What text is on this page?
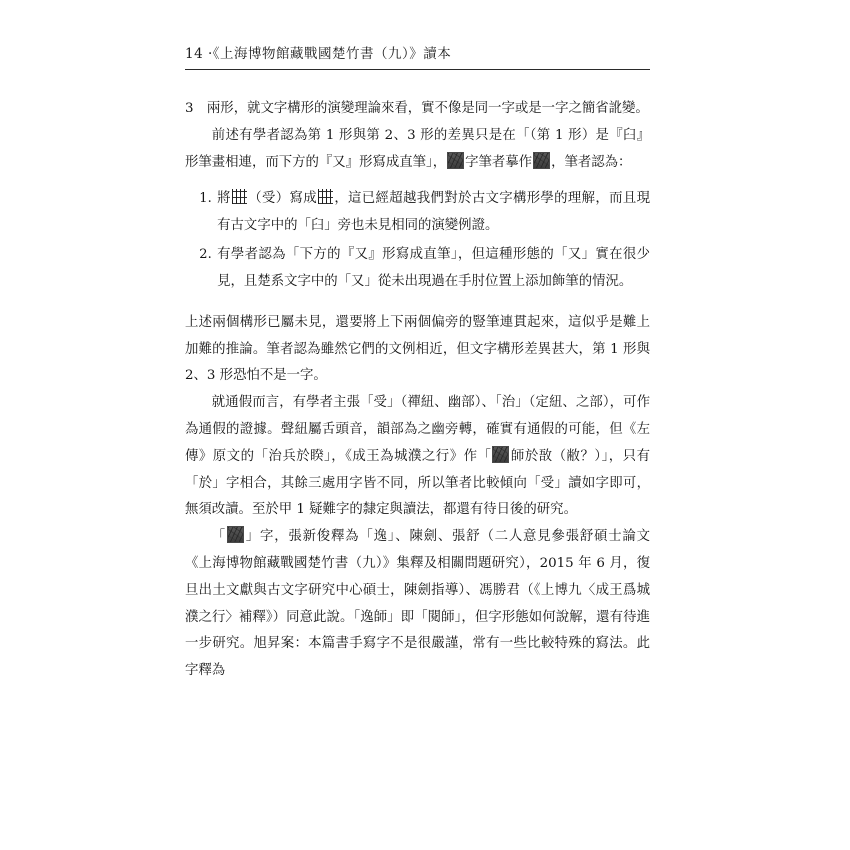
14 ·《上海博物館藏戰國楚竹書（九）》讀本

3　兩形，就文字構形的演變理論來看，實不像是同一字或是一字之簡省訛變。

前述有學者認為第 1 形與第 2、3 形的差異只是在「（第 1 形）是『臼』形筆畫相連，而下方的『又』形寫成直筆」， 字筆者摹作 ，筆者認為：

將 （受）寫成 ，這已經超越我們對於古文字構形學的理解，而且現有古文字中的「臼」旁也未見相同的演變例證。
有學者認為「下方的『又』形寫成直筆」，但這種形態的「又」實在很少見，且楚系文字中的「又」從未出現過在手肘位置上添加飾筆的情況。

上述兩個構形已屬未見，還要將上下兩個偏旁的豎筆連貫起來，這似乎是難上加難的推論。筆者認為雖然它們的文例相近，但文字構形差異甚大，第 1 形與 2、3 形恐怕不是一字。

就通假而言，有學者主張「受」（禪紐、幽部）、「治」（定紐、之部），可作為通假的證據。聲紐屬舌頭音，韻部為之幽旁轉，確實有通假的可能，但《左傳》原文的「治兵於睽」，《成王為城濮之行》作「 師於敔（敝？）」，只有「於」字相合，其餘三處用字皆不同，所以筆者比較傾向「受」讀如字即可，無須改讀。至於甲 1 疑難字的隸定與讀法，都還有待日後的研究。

「 」字，張新俊釋為「逸」、陳劍、張舒（二人意見參張舒碩士論文《上海博物館藏戰國楚竹書（九）》集釋及相關問題研究），2015 年 6 月，復旦出土文獻與古文字研究中心碩士，陳劍指導）、馮勝君（《上博九〈成王爲城濮之行〉補釋》）同意此說。「逸師」即「閱師」，但字形態如何說解，還有待進一步研究。旭昇案：本篇書手寫字不是很嚴謹，常有一些比較特殊的寫法。此字釋為
